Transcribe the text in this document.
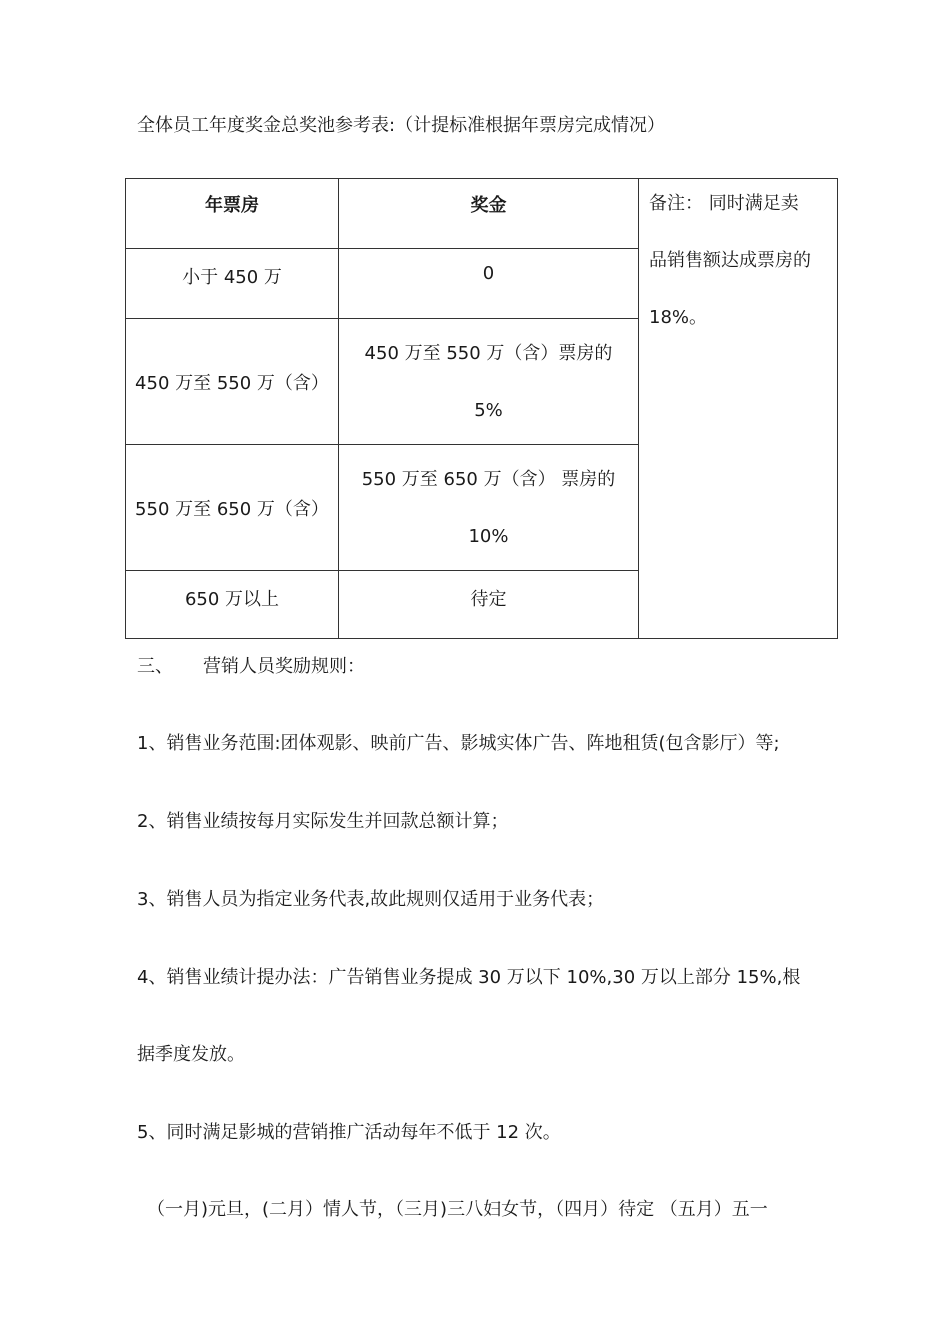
全体员工年度奖金总奖池参考表:（计提标准根据年票房完成情况）
年票房	奖金	备注： 同时满足卖
品销售额达成票房的
18%。

小于 450 万	0	
450 万至 550 万（含）	450 万至 550 万（含）票房的
5%	

550 万至 650 万（含）	550 万至 650 万（含） 票房的
10%	

650 万以上	待定	
三、 营销人员奖励规则：
1、销售业务范围:团体观影、映前广告、影城实体广告、阵地租赁(包含影厅）等;
2、销售业绩按每月实际发生并回款总额计算；
3、销售人员为指定业务代表,故此规则仅适用于业务代表；
4、销售业绩计提办法：广告销售业务提成 30 万以下 10%,30 万以上部分 15%,根
据季度发放。
5、同时满足影城的营销推广活动每年不低于 12 次。
（一月)元旦，(二月）情人节，（三月)三八妇女节，（四月）待定 （五月）五一
